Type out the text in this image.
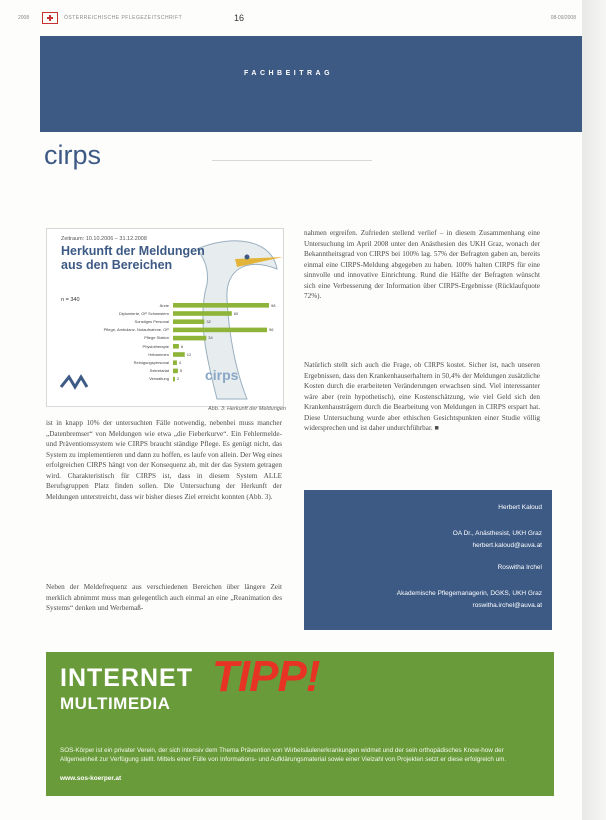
2008	ÖSTERREICHISCHE PFLEGEZEITSCHRIFT	16	08-09/2008
FACHBEITRAG
cirps
Zeitraum: 10.10.2006 – 31.12.2008
Herkunft der Meldungen
aus den Bereichen
n = 340
Ärzte	98
Diplomierte, OP Schwestern	60
Sonstiges Personal	32
Pflege, Ambulanz, Notaufnahme, OP	96
Pflege Station	34
Physiotherapie	6
Hebammen	12
Reinigungspersonal 4
Sekretariat	5
Verwaltung 2 cirps
Abb. 3: Herkunft der Meldungen
ist in knapp 10% der untersuchten Fälle notwendig, nebenbei muss mancher „Datenbremser“ von Meldungen wie etwa „die Fieberkurve“. Ein Fehlermelde- und Präventionssystem wie CIRPS braucht ständige Pflege. Es genügt nicht, das System zu implementieren und dann zu hoffen, es laufe von allein. Der Weg eines erfolgreichen CIRPS hängt von der Konsequenz ab, mit der das System getragen wird. Charakteristisch für CIRPS ist, dass in diesem System ALLE Berufsgruppen Platz finden sollen. Die Untersuchung der Herkunft der Meldungen unterstreicht, dass wir bisher dieses Ziel erreicht konnten (Abb. 3).
Neben der Meldefrequenz aus verschiedenen Bereichen über längere Zeit merklich abnimmt muss man gelegentlich auch einmal an eine „Reanimation des Systems“ denken und Werbemaß-
nahmen ergreifen. Zufrieden stellend verlief – in diesem Zusammenhang eine Untersuchung im April 2008 unter den Anästhesien des UKH Graz, wonach der Bekanntheitsgrad von CIRPS bei 100% lag. 57% der Befragten gaben an, bereits einmal eine CIRPS-Meldung abgegeben zu haben. 100% halten CIRPS für eine sinnvolle und innovative Einrichtung. Rund die Hälfte der Befragten wünscht sich eine Verbesserung der Information über CIRPS-Ergebnisse (Rücklaufquote 72%).
Natürlich stellt sich auch die Frage, ob CIRPS kostet. Sicher ist, nach unseren Ergebnissen, dass den Krankenhauserhaltern in 50,4% der Meldungen zusätzliche Kosten durch die erarbeiteten Veränderungen erwachsen sind. Viel interessanter wäre aber (rein hypothetisch), eine Kostenschätzung, wie viel Geld sich den Krankenhausträgern durch die Bearbeitung von Meldungen in CIRPS erspart hat. Diese Untersuchung wurde aber ethischen Gesichtspunkten einer Studie völlig widersprechen und ist daher undurchführbar. ■
Herbert Kaloud
OA Dr., Anästhesist, UKH Graz
herbert.kaloud@auva.at
Roswitha Irchel
Akademische Pflegemanagerin, DGKS, UKH Graz
roswitha.irchel@auva.at
INTERNET
MULTIMEDIA
TIPP!
SOS-Körper ist ein privater Verein, der sich intensiv dem Thema Prävention von Wirbelsäulenerkrankungen widmet und der sein orthopädisches Know-how der Allgemeinheit zur Verfügung stellt. Mittels einer Fülle von Informations- und Aufklärungsmaterial sowie einer Vielzahl von Projekten setzt er diese erfolgreich um.
www.sos-koerper.at
